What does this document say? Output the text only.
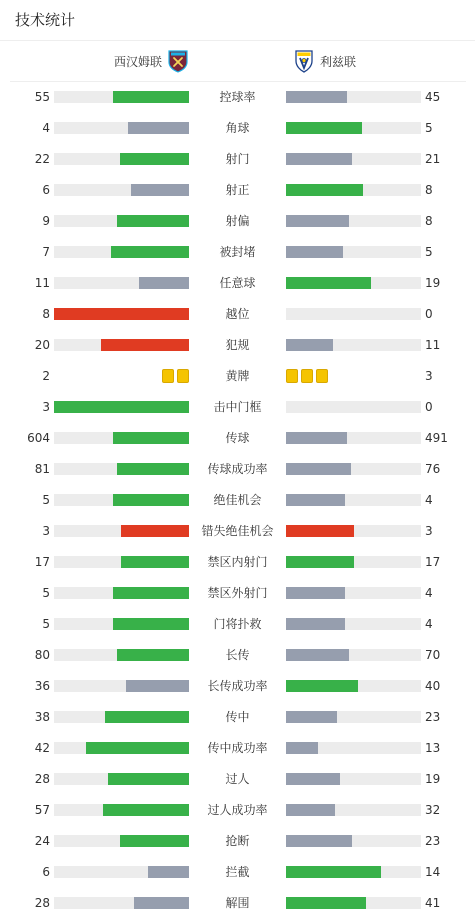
技术统计
西汉姆联	利兹联
55	控球率	45
4	角球	5
22	射门	21
6	射正	8
9	射偏	8
7	被封堵	5
11	任意球	19
8	越位	0
20	犯规	11
2	黄牌	3
3	击中门框	0
604	传球	491
81	传球成功率	76
5	绝佳机会	4
3	错失绝佳机会	3
17	禁区内射门	17
5	禁区外射门	4
5	门将扑救	4
80	长传	70
36	长传成功率	40
38	传中	23
42	传中成功率	13
28	过人	19
57	过人成功率	32
24	抢断	23
6	拦截	14
28	解围	41
